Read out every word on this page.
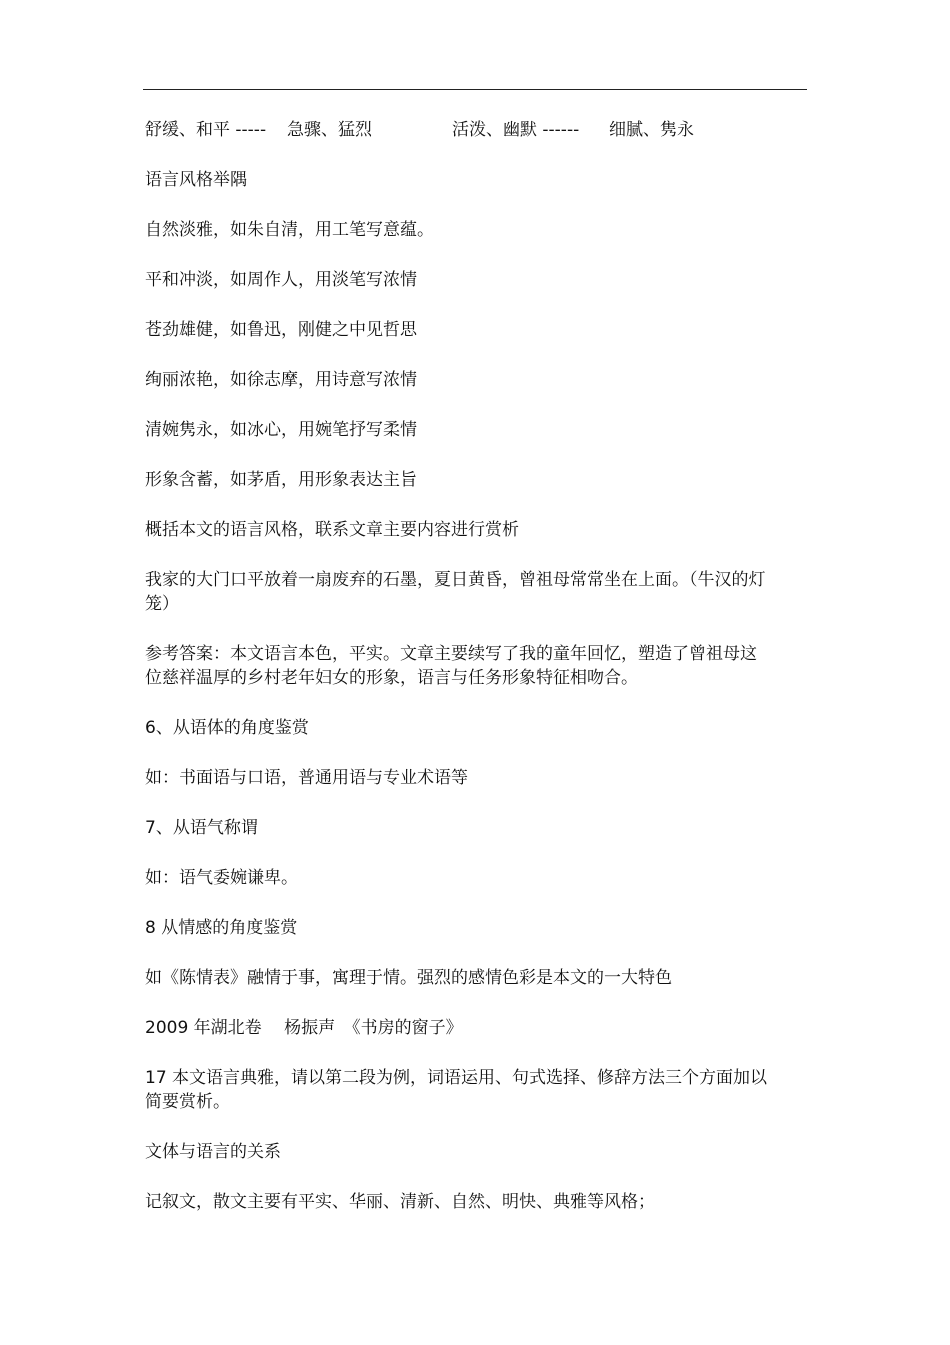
舒缓、和平 -----	急骤、猛烈	活泼、幽默 ------	细腻、隽永

语言风格举隅

自然淡雅，如朱自清，用工笔写意蕴。

平和冲淡，如周作人，用淡笔写浓情

苍劲雄健，如鲁迅，刚健之中见哲思

绚丽浓艳，如徐志摩，用诗意写浓情

清婉隽永，如冰心，用婉笔抒写柔情

形象含蓄，如茅盾，用形象表达主旨

概括本文的语言风格，联系文章主要内容进行赏析

我家的大门口平放着一扇废弃的石墨，夏日黄昏，曾祖母常常坐在上面。（牛汉的灯笼）

参考答案：本文语言本色，平实。文章主要续写了我的童年回忆，塑造了曾祖母这位慈祥温厚的乡村老年妇女的形象，语言与任务形象特征相吻合。

6、从语体的角度鉴赏

如：书面语与口语，普通用语与专业术语等

7、从语气称谓

如：语气委婉谦卑。

8 从情感的角度鉴赏

如《陈情表》融情于事，寓理于情。强烈的感情色彩是本文的一大特色

2009 年湖北卷　 杨振声　《书房的窗子》

17 本文语言典雅，请以第二段为例，词语运用、句式选择、修辞方法三个方面加以简要赏析。

文体与语言的关系

记叙文，散文主要有平实、华丽、清新、自然、明快、典雅等风格；
